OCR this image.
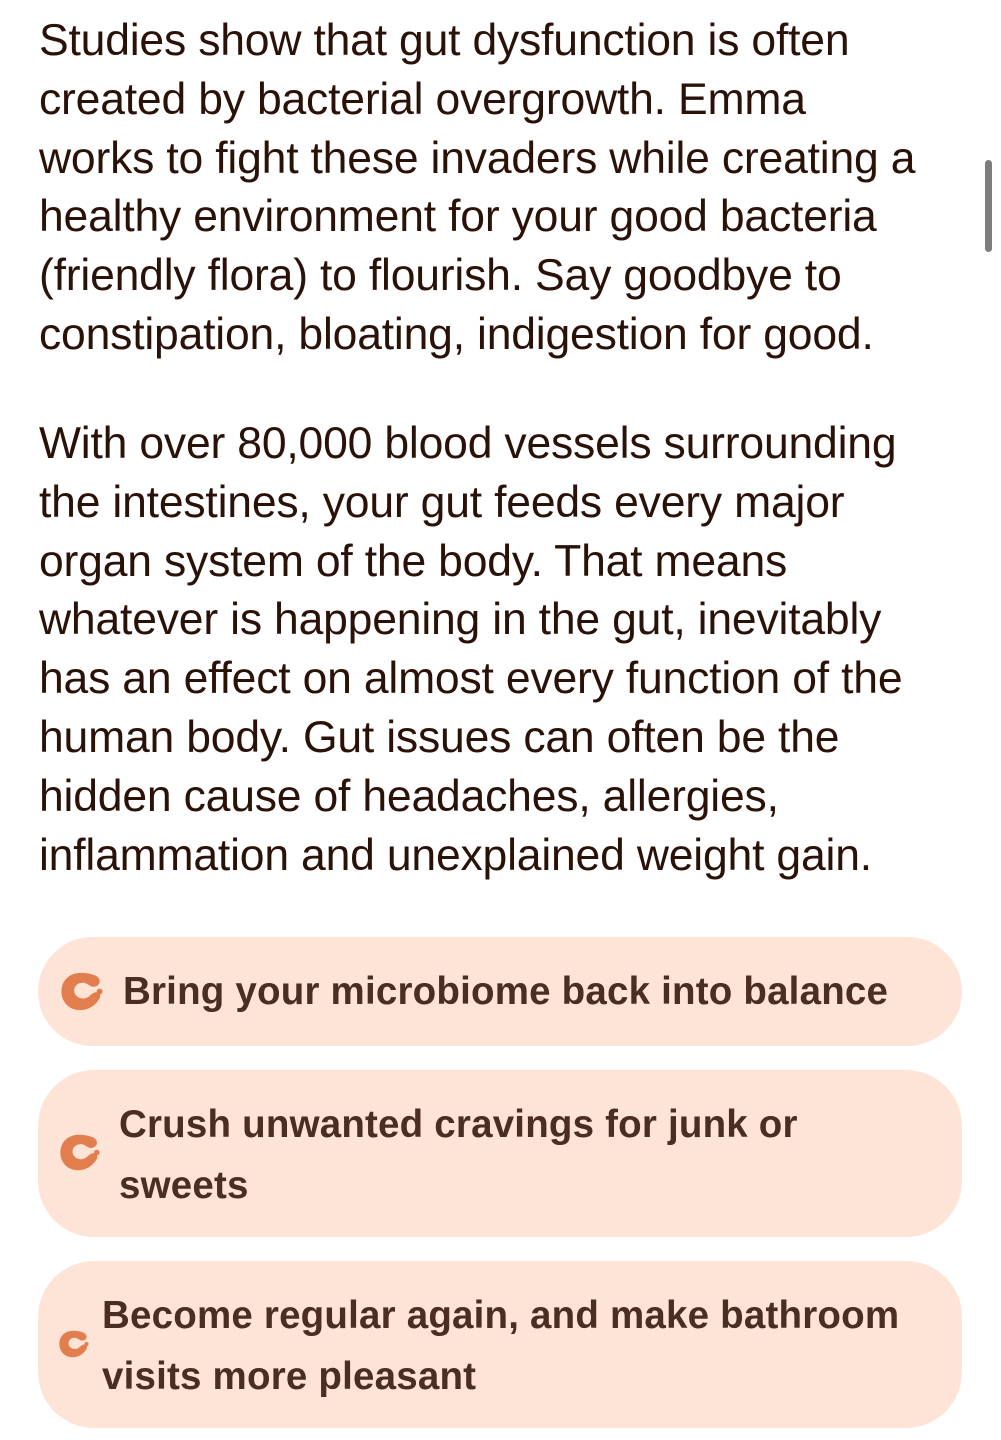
Studies show that gut dysfunction is often
created by bacterial overgrowth. Emma
works to fight these invaders while creating a
healthy environment for your good bacteria
(friendly flora) to flourish. Say goodbye to
constipation, bloating, indigestion for good.

With over 80,000 blood vessels surrounding
the intestines, your gut feeds every major
organ system of the body. That means
whatever is happening in the gut, inevitably
has an effect on almost every function of the
human body. Gut issues can often be the
hidden cause of headaches, allergies,
inflammation and unexplained weight gain.

Bring your microbiome back into balance

Crush unwanted cravings for junk or
sweets

Become regular again, and make bathroom
visits more pleasant
